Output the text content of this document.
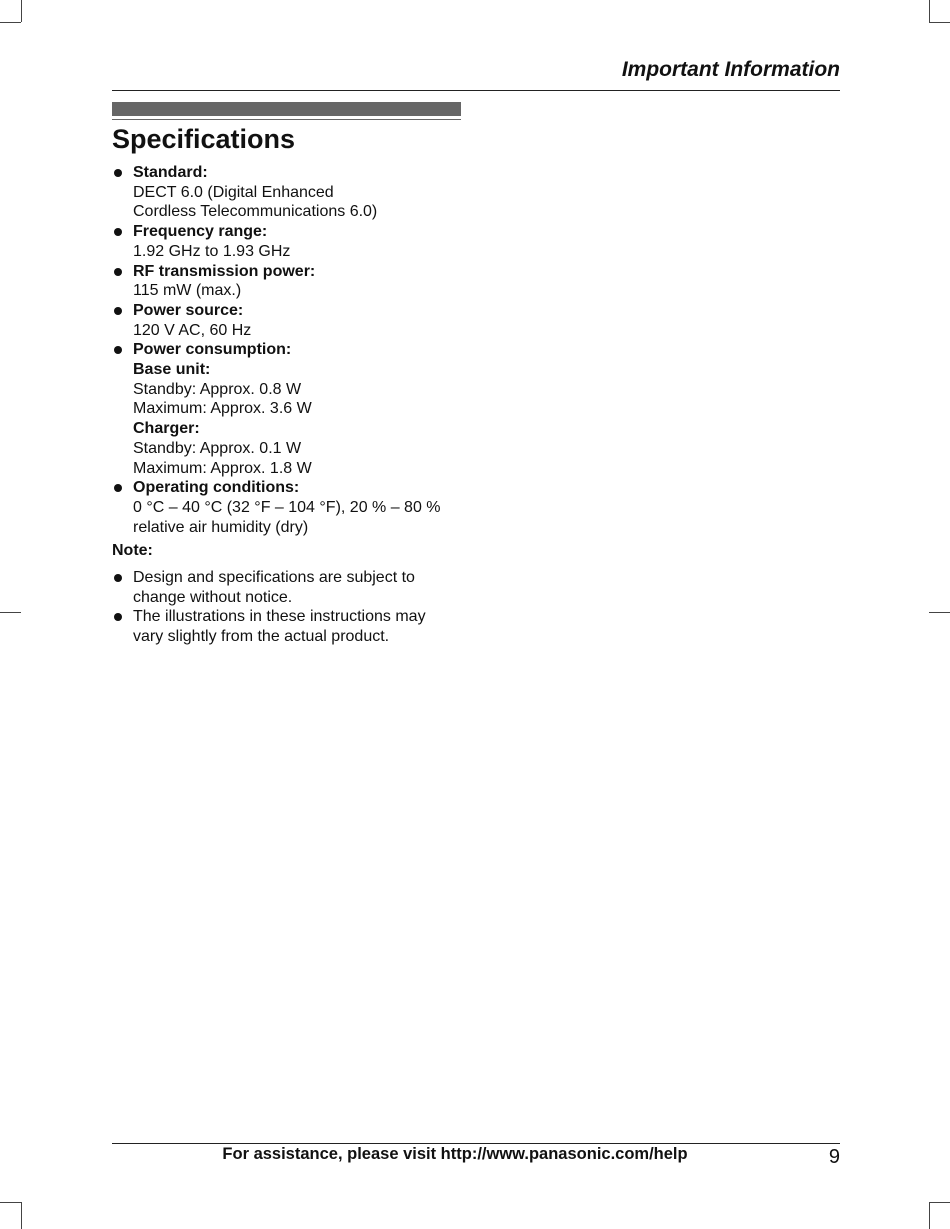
Important Information
Specifications
Standard:
DECT 6.0 (Digital Enhanced
Cordless Telecommunications 6.0)
Frequency range:
1.92 GHz to 1.93 GHz
RF transmission power:
115 mW (max.)
Power source:
120 V AC, 60 Hz
Power consumption:
Base unit:
Standby: Approx. 0.8 W
Maximum: Approx. 3.6 W
Charger:
Standby: Approx. 0.1 W
Maximum: Approx. 1.8 W
Operating conditions:
0 °C – 40 °C (32 °F – 104 °F), 20 % – 80 %
relative air humidity (dry)
Note:
Design and specifications are subject to
change without notice.
The illustrations in these instructions may
vary slightly from the actual product.
For assistance, please visit http://www.panasonic.com/help	9
